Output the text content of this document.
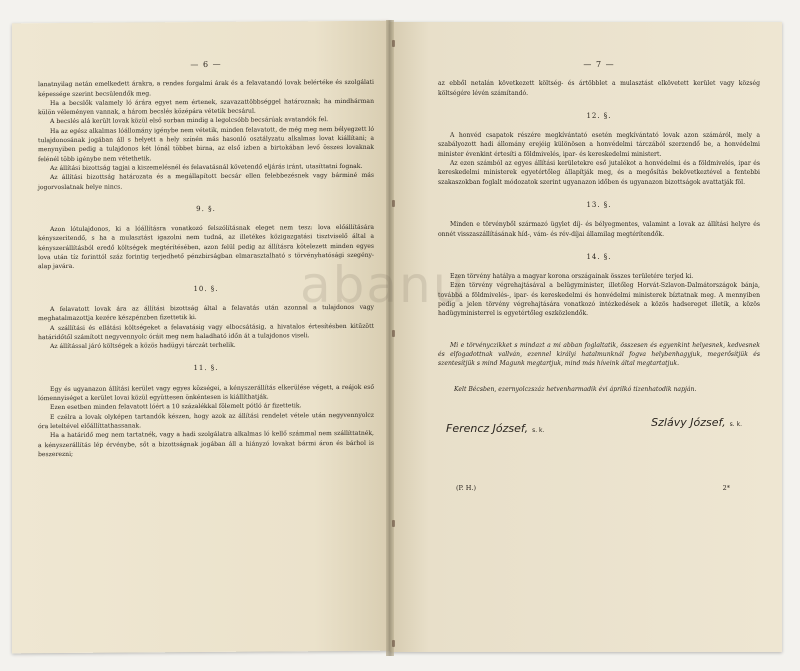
— 6 —

lanatnyilag netán emelkedett árakra, a rendes forgalmi árak és a felavatandó lovak belértéke és szolgálati képessége szerint becsülendők meg.

Ha a becslők valamely ló árára egyet nem értenek, szavazattöbbséggel határoznak; ha mindhárman külön véleményen vannak, a három becslés középára vétetik becsárul.

A becslés alá került lovak közül első sorban mindig a legolcsóbb becsárúak avatandók fel.

Ha az egész alkalmas lóállomány igénybe nem vétetik, minden felavatott, de még meg nem bélyegzett ló tulajdonosának jogában áll s helyett a hely színén más hasonló osztályzatu alkalmas lovat kiállítani; a menynyiben pedig a tulajdonos két lónál többet birna, az első izben a birtokában levő összes lovaknak felénél több igénybe nem vétethetik.

Az állítási bizottság tagjai a kiszemelésnél és felavatásnál követendő eljárás iránt, utasíttatni fognak.

Az állítási bizottság határozata és a megállapított becsár ellen felebbezésnek vagy bárminé más jogorvoslatnak helye nincs.

9. §.

Azon lótulajdonos, ki a lóállításra vonatkozó felszólításnak eleget nem tesz: lova előállítására kényszeritendő, s ha a mulasztást igazolni nem tudná, az illetékes közigazgatási tisztviselő által a kényszerállításból eredő költségek megtérítésében, azon felül pedig az állításra kötelezett minden egyes lova után tíz forinttól száz forintig terjedhető pénzbirságban elmarasztalható s törvényhatósági szegény-alap javára.

10. §.

A felavatott lovak ára az állítási bizottság által a felavatás után azonnal a tulajdonos vagy meghatalmazottja kezére készpénzben fizettetik ki.

A szállítási és ellátási költségeket a felavatásig vagy elbocsátásig, a hivatalos értesítésben kitűzött határidőtől számított negyvennyolc óráit meg nem haladható időn át a tulajdonos viseli.

Az állítással járó költségek a közös hadügyi tárczát terhelik.

11. §.

Egy és ugyanazon állítási kerület vagy egyes községei, a kényszerállítás elkerülése végett, a reájok eső lómennyiséget a kerület lovai közül együttesen önkéntesen is kiállíthatják.

Ezen esetben minden felavatott lóért a 10 százalékkal fölemelt pótló ár fizettetik.

E czélra a lovak olyképen tartandók készen, hogy azok az állítási rendelet vétele után negyvennyolcz óra leteltével előállíttathassanak.

Ha a határidő meg nem tartatnék, vagy a hadi szolgálatra alkalmas ló kellő számmal nem szállíttatnék, a kényszerállítás lép érvénybe, sőt a bizottságnak jogában áll a hiányzó lovakat bármi áron és bárhol is beszerezni;

— 7 —

az ebből netalán következett költség- és ártöbblet a mulasztást elkövetett kerület vagy község költségére lévén számítandó.

12. §.

A honvéd csapatok részére megkívántató esetén megkívántató lovak azon számáról, mely a szabályozott hadi állomány erejéig különösen a honvédelmi tárczából szerzendő be, a honvédelmi minister évenkint értesíti a földmivelés, ipar- és kereskedelmi ministert.

Az ezen számból az egyes állítási kerületekre eső jutalékot a honvédelmi és a földmivelés, ipar és kereskedelmi ministerek egyetértőleg állapítják meg, és a megősítás bekövetkeztével a fentebbi szakaszokban foglalt módozatok szerint ugyanazon időben és ugyanazon bizottságok avattatják föl.

13. §.

Minden e törvényből származó ügylet díj- és bélyegmentes, valamint a lovak az állítási helyre és onnét visszaszállításának híd-, vám- és rév-díjai államilag megtérítendők.

14. §.

Ezen törvény hatálya a magyar korona országainak összes területére terjed ki.

Ezen törvény végrehajtásával a belügyminister, illetőleg Horvát-Szlavon-Dalmátországok bánja, továbbá a földmivelés-, ipar- és kereskedelmi és honvédelmi ministerek bíztatnak meg. A mennyiben pedig a jelen törvény végrehajtására vonatkozó intézkedések a közös hadsereget illetik, a közös hadügyministerrel is egyetértőleg eszközlendők.

Mi e törvényczikket s mindazt a mi abban foglaltatik, összesen és egyenkint helyesnek, kedvesnek és elfogadottnak vallván, ezennel királyi hatalmunknál fogva helybenhagyjuk, megerősítjük és szentesítjük s mind Magunk megtartjuk, mind más híveink által megtartatjuk.

Kelt Bécsben, ezernyolczszáz hetvenharmadik évi áprilkó tizenhatodik napján.

Ferencz József, s. k.
Szlávy József, s. k.
(P. H.)	2*
abanu
